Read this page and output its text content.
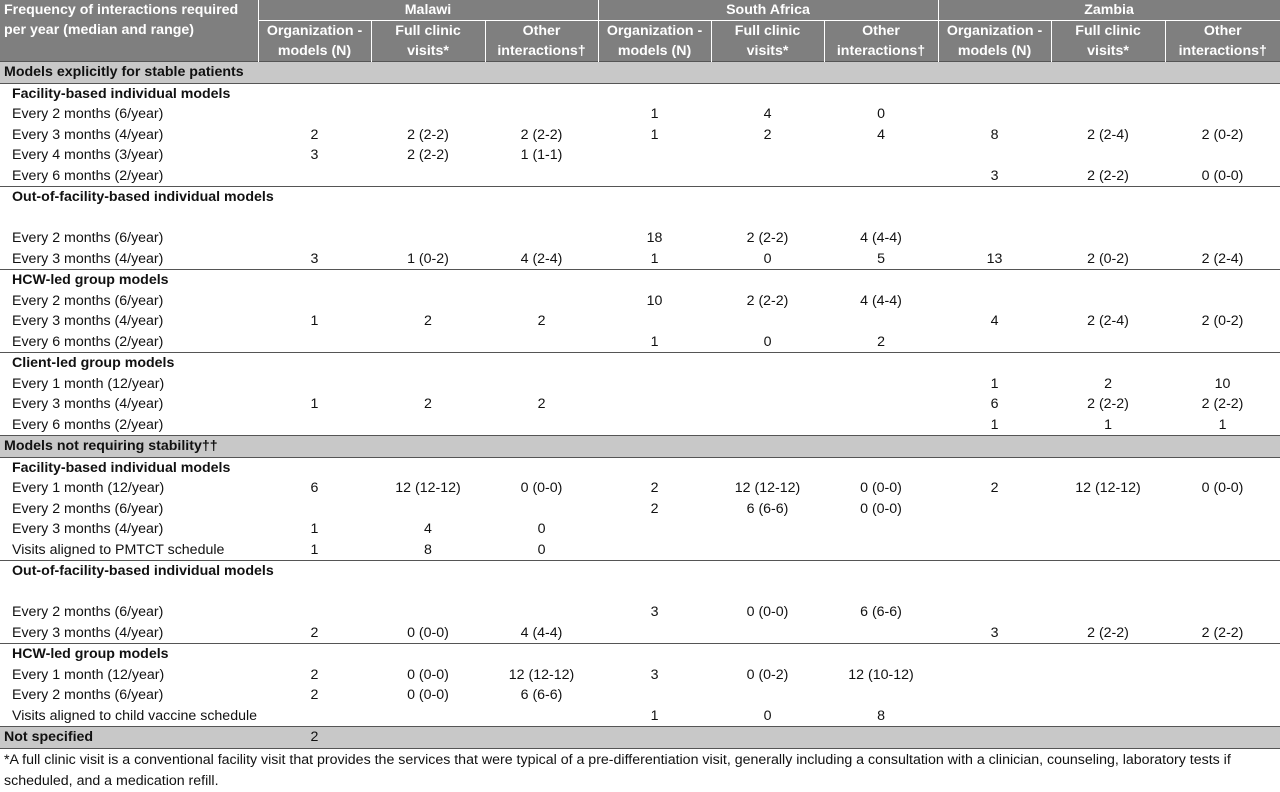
Frequency of interactions required per year (median and range)	Malawi			South Africa			Zambia		
	Organization -models (N)	Full clinic visits*	Other interactions†	Organization -models (N)	Full clinic visits*	Other interactions†	Organization -models (N)	Full clinic visits*	Other interactions†
Models explicitly for stable patients									
Facility-based individual models									
Every 2 months (6/year)				1	4	0			
Every 3 months (4/year)	2	2 (2-2)	2 (2-2)	1	2	4	8	2 (2-4)	2 (0-2)
Every 4 months (3/year)	3	2 (2-2)	1 (1-1)						
Every 6 months (2/year)							3	2 (2-2)	0 (0-0)
Out-of-facility-based individual models									

Every 2 months (6/year)				18	2 (2-2)	4 (4-4)			
Every 3 months (4/year)	3	1 (0-2)	4 (2-4)	1	0	5	13	2 (0-2)	2 (2-4)
HCW-led group models									
Every 2 months (6/year)				10	2 (2-2)	4 (4-4)			
Every 3 months (4/year)	1	2	2				4	2 (2-4)	2 (0-2)
Every 6 months (2/year)				1	0	2			
Client-led group models									
Every 1 month (12/year)							1	2	10
Every 3 months (4/year)	1	2	2				6	2 (2-2)	2 (2-2)
Every 6 months (2/year)							1	1	1
Models not requiring stability††									
Facility-based individual models									
Every 1 month (12/year)	6	12 (12-12)	0 (0-0)	2	12 (12-12)	0 (0-0)	2	12 (12-12)	0 (0-0)
Every 2 months (6/year)				2	6 (6-6)	0 (0-0)			
Every 3 months (4/year)	1	4	0						
Visits aligned to PMTCT schedule	1	8	0						
Out-of-facility-based individual models									

Every 2 months (6/year)				3	0 (0-0)	6 (6-6)			
Every 3 months (4/year)	2	0 (0-0)	4 (4-4)				3	2 (2-2)	2 (2-2)
HCW-led group models									
Every 1 month (12/year)	2	0 (0-0)	12 (12-12)	3	0 (0-2)	12 (10-12)			
Every 2 months (6/year)	2	0 (0-0)	6 (6-6)						
Visits aligned to child vaccine schedule				1	0	8			
Not specified	2								
*A full clinic visit is a conventional facility visit that provides the services that were typical of a pre-differentiation visit, generally including a consultation with a clinician, counseling, laboratory tests if scheduled, and a medication refill.
